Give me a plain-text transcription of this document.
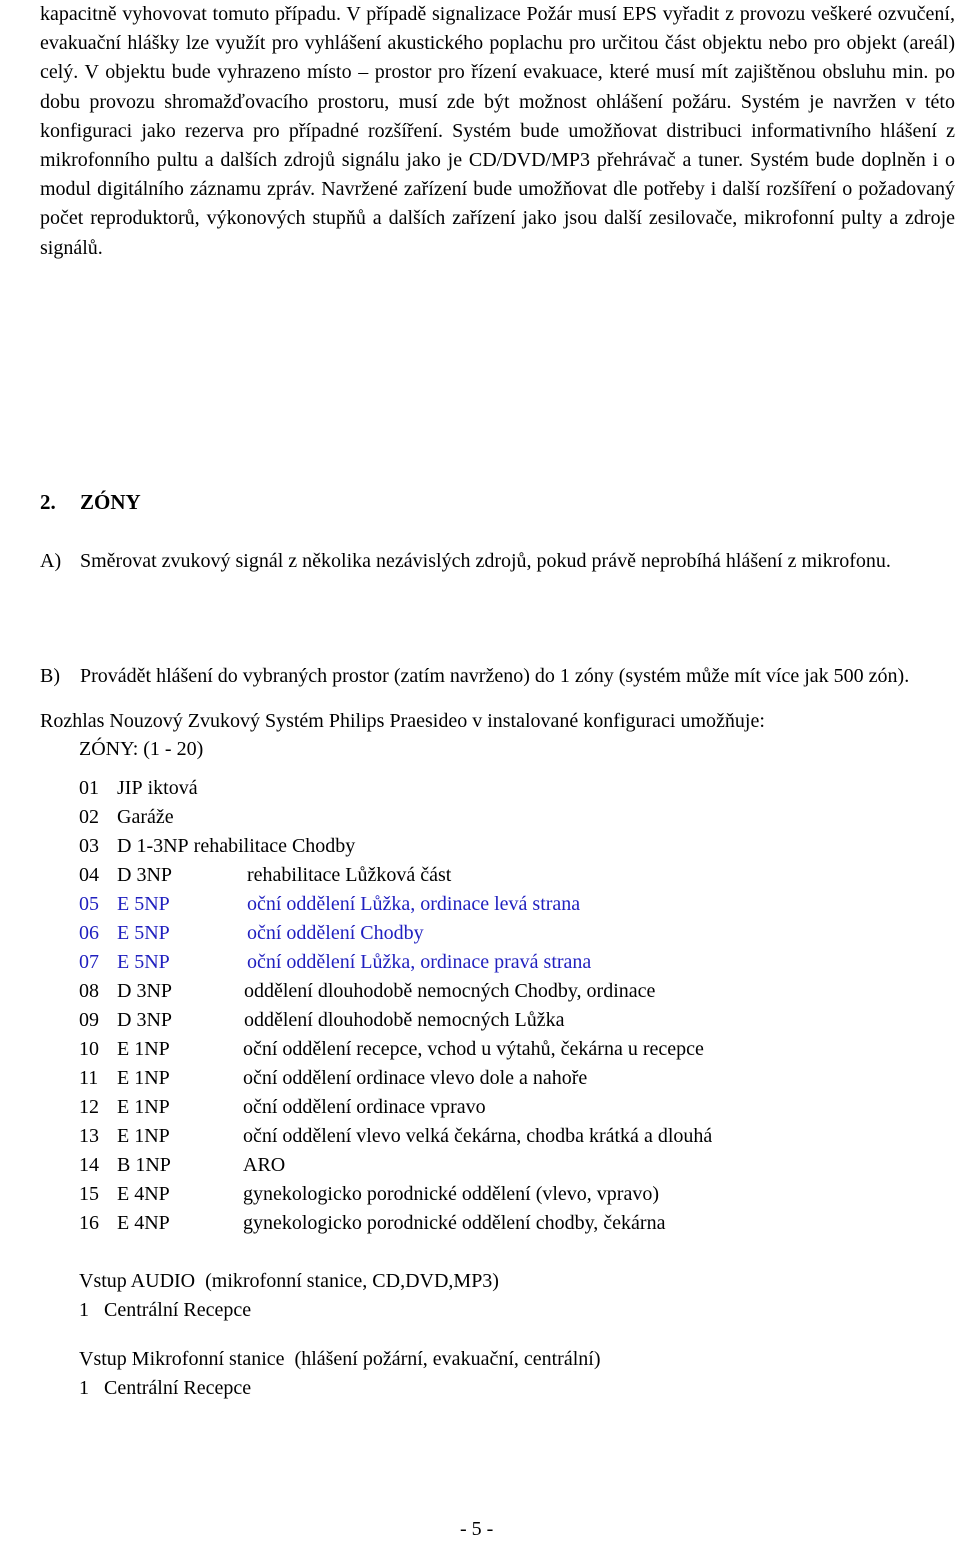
kapacitně vyhovovat tomuto případu. V případě signalizace Požár musí EPS vyřadit z provozu veškeré ozvučení, evakuační hlášky lze využít pro vyhlášení akustického poplachu pro určitou část objektu nebo pro objekt (areál) celý. V objektu bude vyhrazeno místo – prostor pro řízení evakuace, které musí mít zajištěnou obsluhu min. po dobu provozu shromažďovacího prostoru, musí zde být možnost ohlášení požáru. Systém je navržen v této konfiguraci jako rezerva pro případné rozšíření. Systém bude umožňovat distribuci informativního hlášení z mikrofonního pultu a dalších zdrojů signálu jako je CD/DVD/MP3 přehrávač a tuner. Systém bude doplněn i o modul digitálního záznamu zpráv. Navržené zařízení bude umožňovat dle potřeby i další rozšíření o požadovaný počet reproduktorů, výkonových stupňů a dalších zařízení jako jsou další zesilovače, mikrofonní pulty a zdroje signálů.

Rozhlas Nouzový Zvukový Systém Philips Praesideo v instalované konfiguraci umožňuje:
2. ZÓNY
A) Směrovat zvukový signál z několika nezávislých zdrojů, pokud právě neprobíhá hlášení z mikrofonu.
B) Provádět hlášení do vybraných prostor (zatím navrženo) do 1 zóny (systém může mít více jak 500 zón).
ZÓNY: (1 - 20)
01 JIP iktová
02 Garáže
03 D 1-3NP rehabilitace Chodby
04 D 3NP	rehabilitace Lůžková část
05 E 5NP	oční oddělení Lůžka, ordinace levá strana
06 E 5NP	oční oddělení Chodby
07 E 5NP	oční oddělení Lůžka, ordinace pravá strana
08 D 3NP	oddělení dlouhodobě nemocných Chodby, ordinace
09 D 3NP	oddělení dlouhodobě nemocných Lůžka
10 E 1NP	oční oddělení recepce, vchod u výtahů, čekárna u recepce
11 E 1NP	oční oddělení ordinace vlevo dole a nahoře
12 E 1NP	oční oddělení ordinace vpravo
13 E 1NP	oční oddělení vlevo velká čekárna, chodba krátká a dlouhá
14 B 1NP	ARO
15 E 4NP	gynekologicko porodnické oddělení (vlevo, vpravo)
16 E 4NP	gynekologicko porodnické oddělení chodby, čekárna
Vstup AUDIO  (mikrofonní stanice, CD,DVD,MP3)
1   Centrální Recepce
Vstup Mikrofonní stanice  (hlášení požární, evakuační, centrální)
1   Centrální Recepce
- 5 -
